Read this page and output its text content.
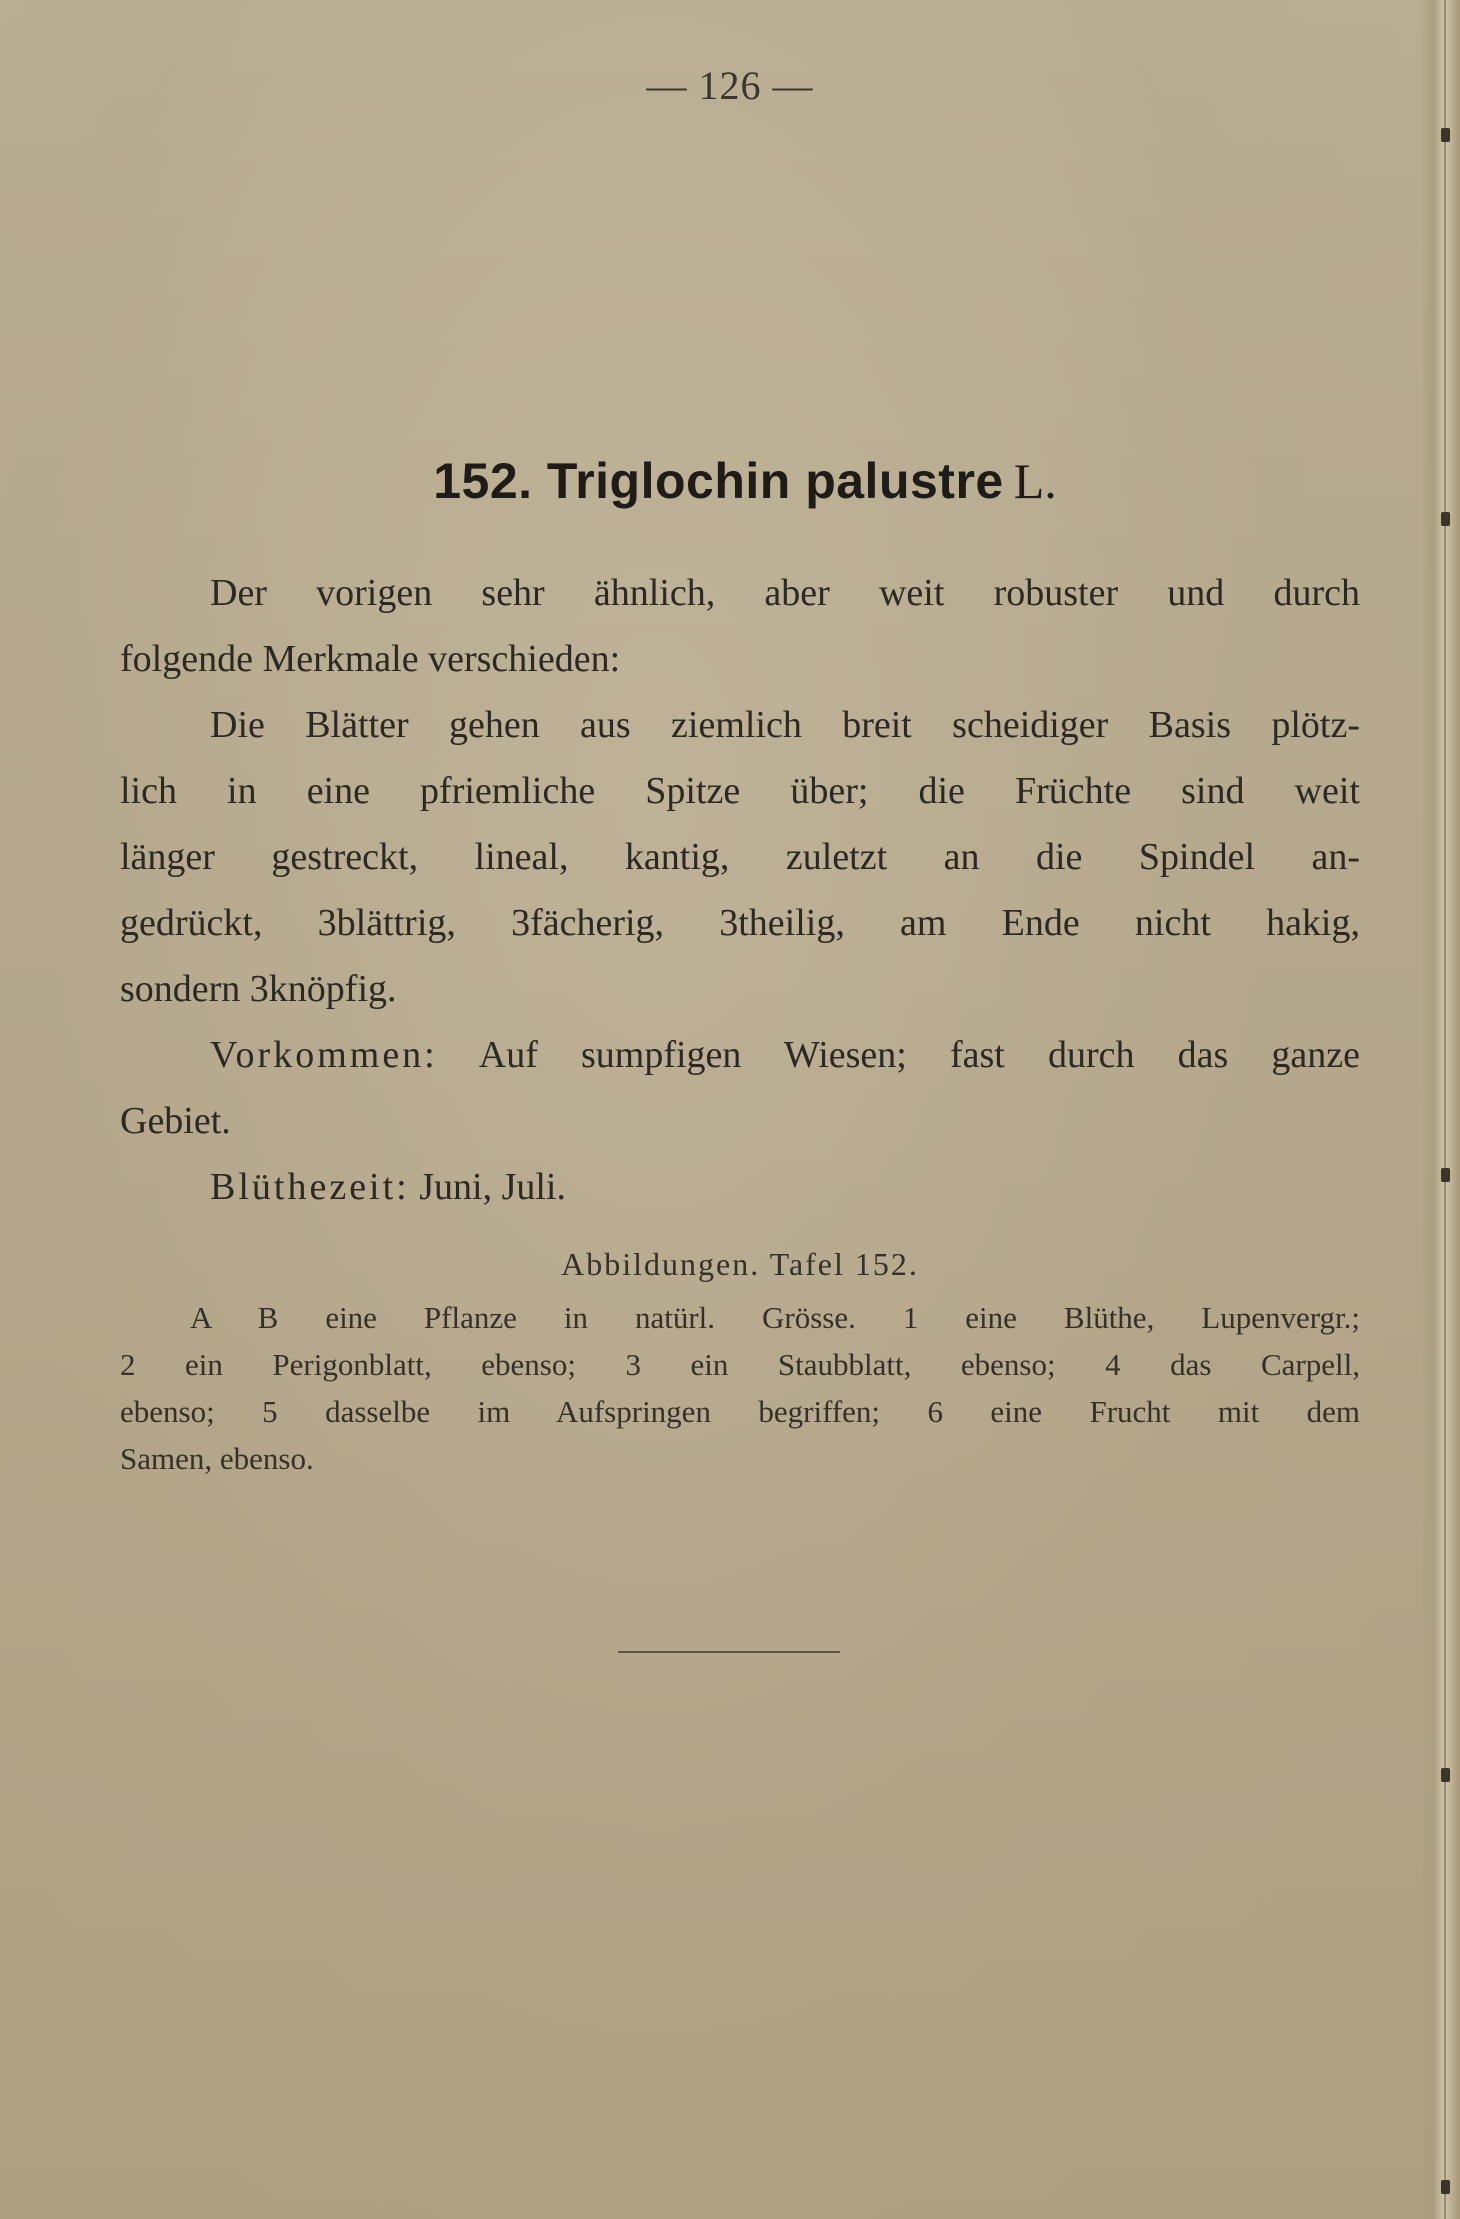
— 126 —
152. Triglochin palustre L.
Der vorigen sehr ähnlich, aber weit robuster und durch
folgende Merkmale verschieden:
Die Blätter gehen aus ziemlich breit scheidiger Basis plötz-
lich in eine pfriemliche Spitze über; die Früchte sind weit
länger gestreckt, lineal, kantig, zuletzt an die Spindel an-
gedrückt, 3blättrig, 3fächerig, 3theilig, am Ende nicht hakig,
sondern 3knöpfig.
Vorkommen: Auf sumpfigen Wiesen; fast durch das ganze
Gebiet.
Blüthezeit: Juni, Juli.
Abbildungen. Tafel 152.
A B eine Pflanze in natürl. Grösse. 1 eine Blüthe, Lupenvergr.;
2 ein Perigonblatt, ebenso; 3 ein Staubblatt, ebenso; 4 das Carpell,
ebenso; 5 dasselbe im Aufspringen begriffen; 6 eine Frucht mit dem
Samen, ebenso.
